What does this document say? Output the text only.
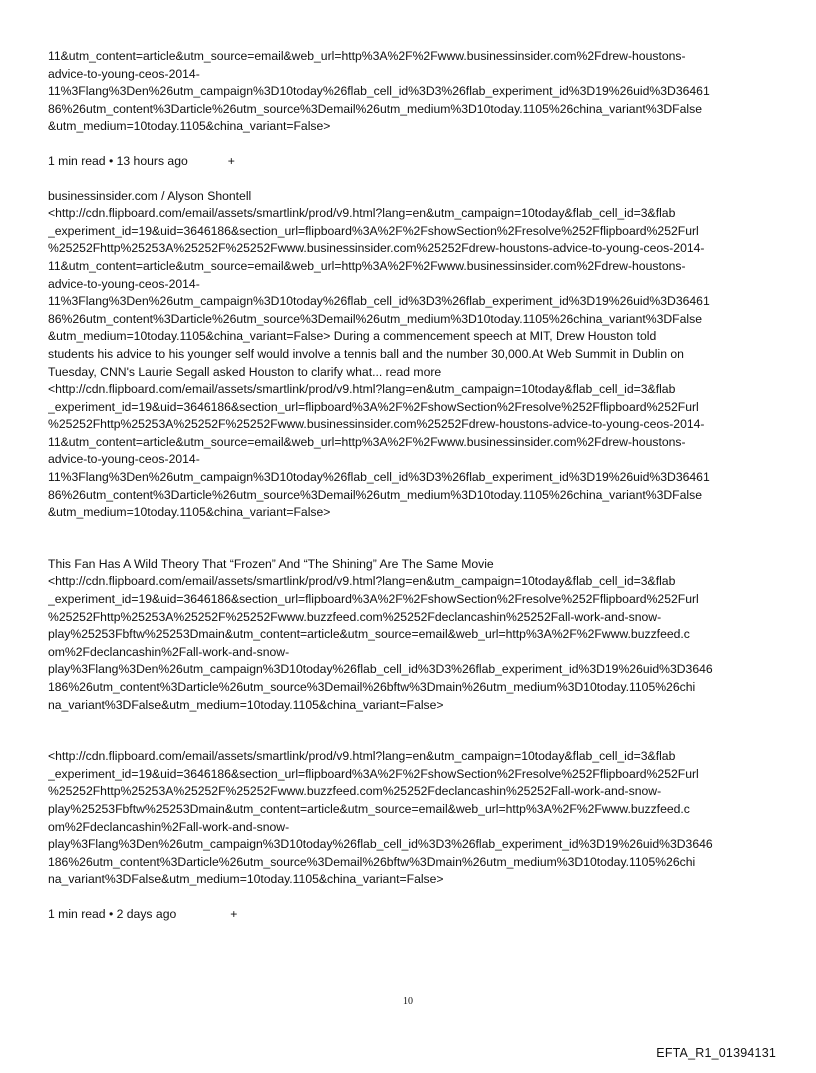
11&utm_content=article&utm_source=email&web_url=http%3A%2F%2Fwww.businessinsider.com%2Fdrew-houstons-
advice-to-young-ceos-2014-
11%3Flang%3Den%26utm_campaign%3D10today%26flab_cell_id%3D3%26flab_experiment_id%3D19%26uid%3D36461
86%26utm_content%3Darticle%26utm_source%3Demail%26utm_medium%3D10today.1105%26china_variant%3DFalse
&utm_medium=10today.1105&china_variant=False>
1 min read • 13 hours ago	+
businessinsider.com / Alyson Shontell
<http://cdn.flipboard.com/email/assets/smartlink/prod/v9.html?lang=en&utm_campaign=10today&flab_cell_id=3&flab
_experiment_id=19&uid=3646186&section_url=flipboard%3A%2F%2FshowSection%2Fresolve%252Fflipboard%252Furl
%25252Fhttp%25253A%25252F%25252Fwww.businessinsider.com%25252Fdrew-houstons-advice-to-young-ceos-2014-
11&utm_content=article&utm_source=email&web_url=http%3A%2F%2Fwww.businessinsider.com%2Fdrew-houstons-
advice-to-young-ceos-2014-
11%3Flang%3Den%26utm_campaign%3D10today%26flab_cell_id%3D3%26flab_experiment_id%3D19%26uid%3D36461
86%26utm_content%3Darticle%26utm_source%3Demail%26utm_medium%3D10today.1105%26china_variant%3DFalse
&utm_medium=10today.1105&china_variant=False> During a commencement speech at MIT, Drew Houston told
students his advice to his younger self would involve a tennis ball and the number 30,000.At Web Summit in Dublin on
Tuesday, CNN's Laurie Segall asked Houston to clarify what... read more
<http://cdn.flipboard.com/email/assets/smartlink/prod/v9.html?lang=en&utm_campaign=10today&flab_cell_id=3&flab
_experiment_id=19&uid=3646186&section_url=flipboard%3A%2F%2FshowSection%2Fresolve%252Fflipboard%252Furl
%25252Fhttp%25253A%25252F%25252Fwww.businessinsider.com%25252Fdrew-houstons-advice-to-young-ceos-2014-
11&utm_content=article&utm_source=email&web_url=http%3A%2F%2Fwww.businessinsider.com%2Fdrew-houstons-
advice-to-young-ceos-2014-
11%3Flang%3Den%26utm_campaign%3D10today%26flab_cell_id%3D3%26flab_experiment_id%3D19%26uid%3D36461
86%26utm_content%3Darticle%26utm_source%3Demail%26utm_medium%3D10today.1105%26china_variant%3DFalse
&utm_medium=10today.1105&china_variant=False>
This Fan Has A Wild Theory That “Frozen” And “The Shining” Are The Same Movie
<http://cdn.flipboard.com/email/assets/smartlink/prod/v9.html?lang=en&utm_campaign=10today&flab_cell_id=3&flab
_experiment_id=19&uid=3646186&section_url=flipboard%3A%2F%2FshowSection%2Fresolve%252Fflipboard%252Furl
%25252Fhttp%25253A%25252F%25252Fwww.buzzfeed.com%25252Fdeclancashin%25252Fall-work-and-snow-
play%25253Fbftw%25253Dmain&utm_content=article&utm_source=email&web_url=http%3A%2F%2Fwww.buzzfeed.c
om%2Fdeclancashin%2Fall-work-and-snow-
play%3Flang%3Den%26utm_campaign%3D10today%26flab_cell_id%3D3%26flab_experiment_id%3D19%26uid%3D3646
186%26utm_content%3Darticle%26utm_source%3Demail%26bftw%3Dmain%26utm_medium%3D10today.1105%26chi
na_variant%3DFalse&utm_medium=10today.1105&china_variant=False>
<http://cdn.flipboard.com/email/assets/smartlink/prod/v9.html?lang=en&utm_campaign=10today&flab_cell_id=3&flab
_experiment_id=19&uid=3646186&section_url=flipboard%3A%2F%2FshowSection%2Fresolve%252Fflipboard%252Furl
%25252Fhttp%25253A%25252F%25252Fwww.buzzfeed.com%25252Fdeclancashin%25252Fall-work-and-snow-
play%25253Fbftw%25253Dmain&utm_content=article&utm_source=email&web_url=http%3A%2F%2Fwww.buzzfeed.c
om%2Fdeclancashin%2Fall-work-and-snow-
play%3Flang%3Den%26utm_campaign%3D10today%26flab_cell_id%3D3%26flab_experiment_id%3D19%26uid%3D3646
186%26utm_content%3Darticle%26utm_source%3Demail%26bftw%3Dmain%26utm_medium%3D10today.1105%26chi
na_variant%3DFalse&utm_medium=10today.1105&china_variant=False>
1 min read • 2 days ago	+
10
EFTA_R1_01394131
